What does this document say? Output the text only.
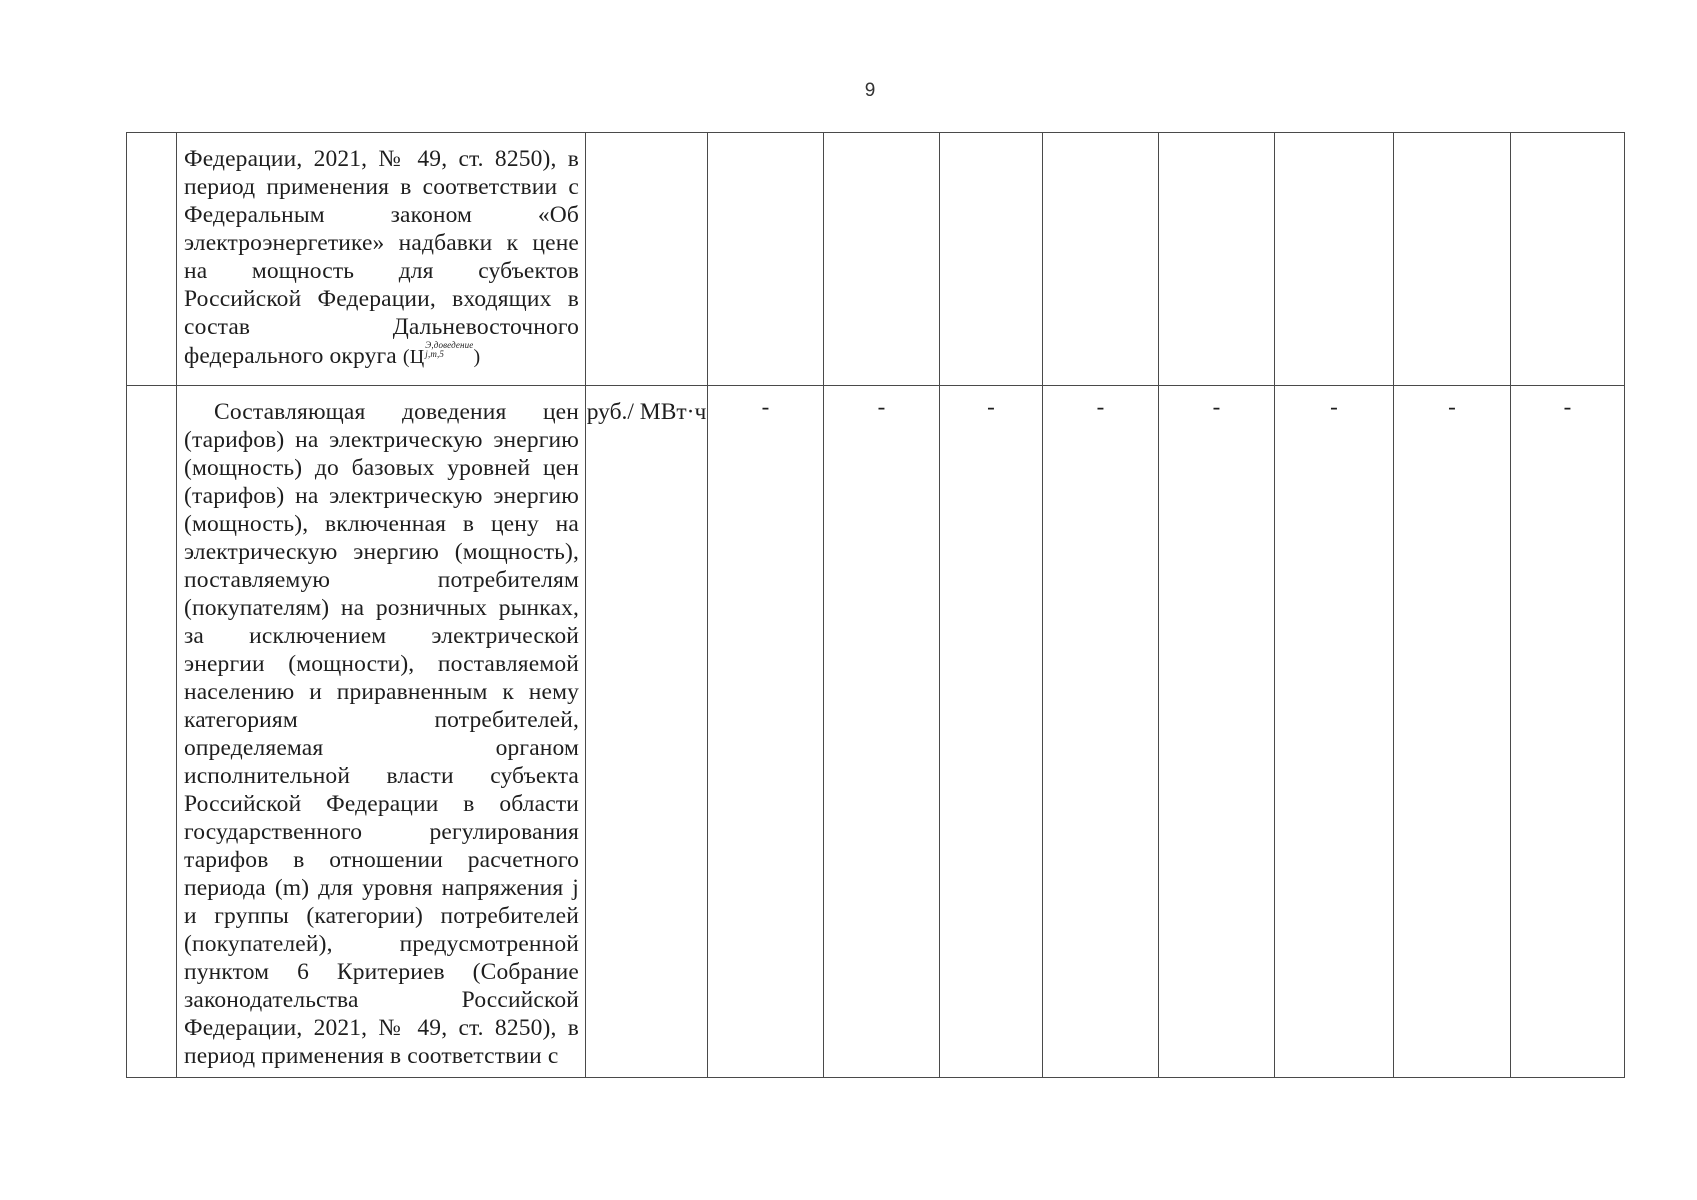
9

	Федерации, 2021, № 49, ст. 8250), в период применения в соответствии с Федеральным законом «Об электроэнергетике» надбавки к цене на мощность для субъектов Российской Федерации, входящих в состав Дальневосточного федерального округа (Ц
Э,доведение
j,m,5 )									

	Составляющая доведения цен (тарифов) на электрическую энергию (мощность) до базовых уровней цен (тарифов) на электрическую энергию (мощность), включенная в цену на электрическую энергию (мощность), поставляемую потребителям (покупателям) на розничных рынках, за исключением электрической энергии (мощности), поставляемой населению и приравненным к нему категориям потребителей, определяемая органом исполнительной власти субъекта Российской Федерации в области государственного регулирования тарифов в отношении расчетного периода (m) для уровня напряжения j и группы (категории) потребителей (покупателей), предусмотренной пунктом 6 Критериев (Собрание законодательства Российской Федерации, 2021, № 49, ст. 8250), в период применения в соответствии с	руб./ МВт·ч	-	-	-	-	-	-	-	-
